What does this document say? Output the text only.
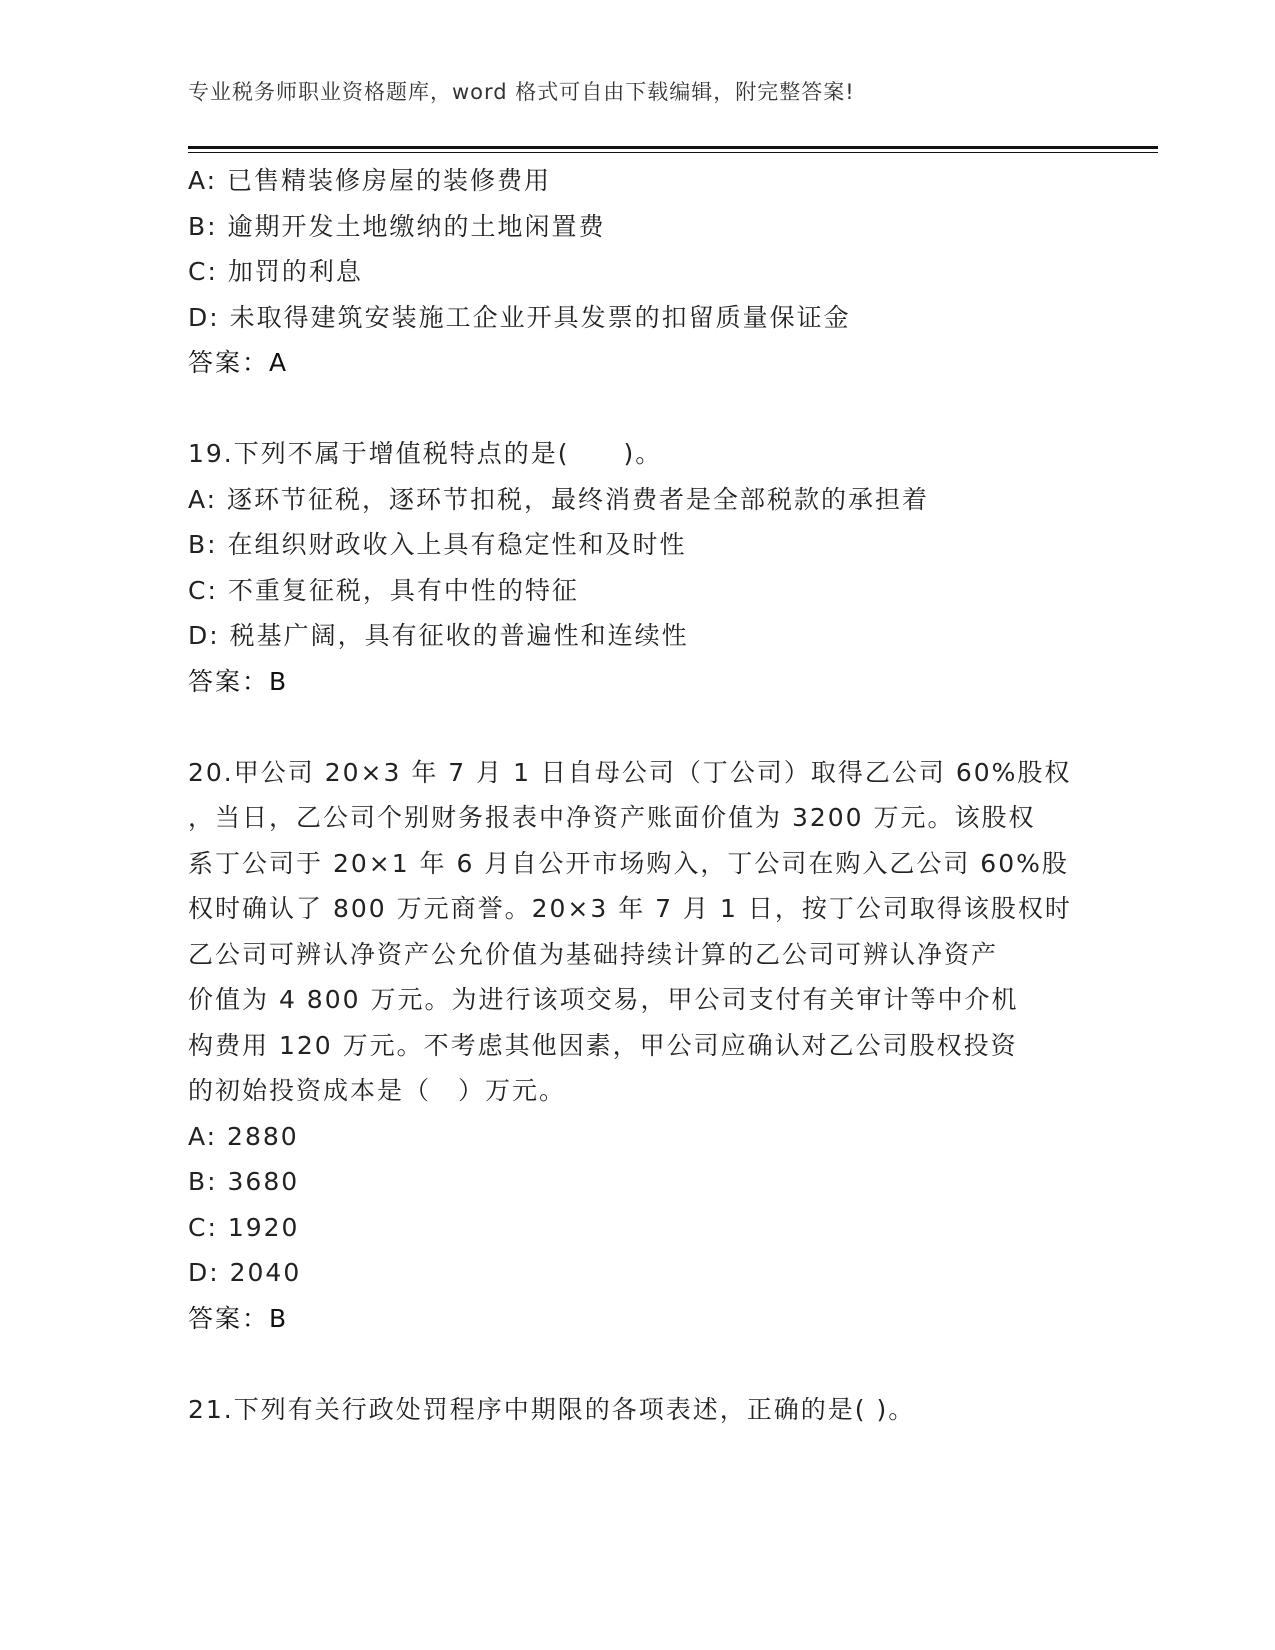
专业税务师职业资格题库，word 格式可自由下载编辑，附完整答案!
A: 已售精装修房屋的装修费用
B: 逾期开发土地缴纳的土地闲置费
C: 加罚的利息
D: 未取得建筑安装施工企业开具发票的扣留质量保证金
答案：A
19.下列不属于增值税特点的是(　　)。
A: 逐环节征税，逐环节扣税，最终消费者是全部税款的承担着
B: 在组织财政收入上具有稳定性和及时性
C: 不重复征税，具有中性的特征
D: 税基广阔，具有征收的普遍性和连续性
答案：B
20.甲公司 20×3 年 7 月 1 日自母公司（丁公司）取得乙公司 60%股权
，当日，乙公司个别财务报表中净资产账面价值为 3200 万元。该股权
系丁公司于 20×1 年 6 月自公开市场购入，丁公司在购入乙公司 60%股
权时确认了 800 万元商誉。20×3 年 7 月 1 日，按丁公司取得该股权时
乙公司可辨认净资产公允价值为基础持续计算的乙公司可辨认净资产
价值为 4 800 万元。为进行该项交易，甲公司支付有关审计等中介机
构费用 120 万元。不考虑其他因素，甲公司应确认对乙公司股权投资
的初始投资成本是（　）万元。
A: 2880
B: 3680
C: 1920
D: 2040
答案：B
21.下列有关行政处罚程序中期限的各项表述，正确的是( )。
